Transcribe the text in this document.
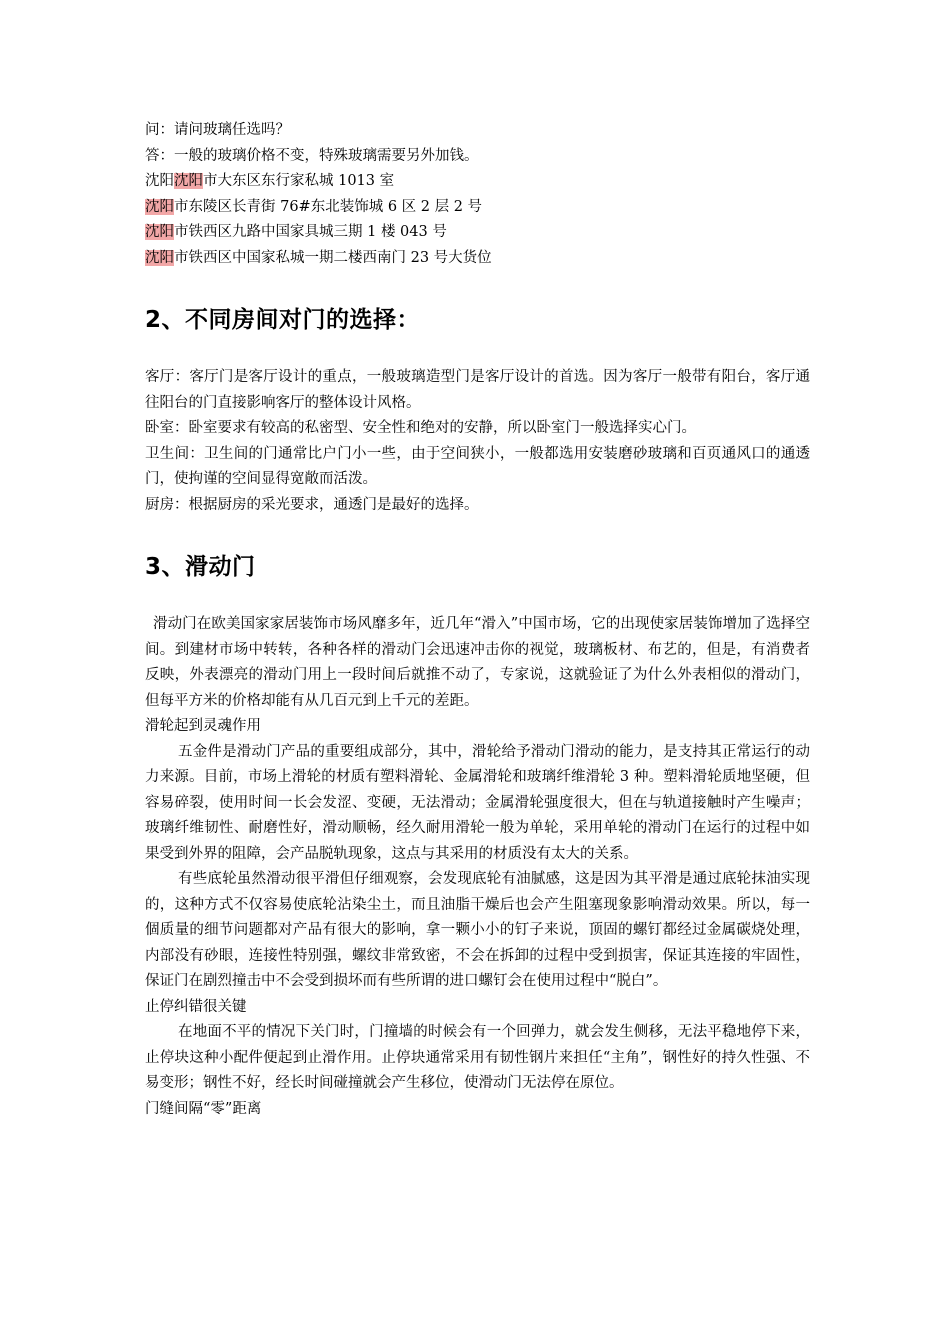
问：请问玻璃任选吗？
答：一般的玻璃价格不变，特殊玻璃需要另外加钱。
沈阳沈阳市大东区东行家私城 1013 室
沈阳市东陵区长青街 76#东北装饰城 6 区 2 层 2 号
沈阳市铁西区九路中国家具城三期 1 楼 043 号
沈阳市铁西区中国家私城一期二楼西南门 23 号大货位
2、不同房间对门的选择：

客厅：客厅门是客厅设计的重点，一般玻璃造型门是客厅设计的首选。因为客厅一般带有阳台，客厅通往阳台的门直接影响客厅的整体设计风格。

卧室：卧室要求有较高的私密型、安全性和绝对的安静，所以卧室门一般选择实心门。

卫生间：卫生间的门通常比户门小一些，由于空间狭小，一般都选用安装磨砂玻璃和百页通风口的通透门，使拘谨的空间显得宽敞而活泼。

厨房：根据厨房的采光要求，通透门是最好的选择。

3、滑动门

滑动门在欧美国家家居装饰市场风靡多年，近几年“滑入”中国市场，它的出现使家居装饰增加了选择空间。到建材市场中转转，各种各样的滑动门会迅速冲击你的视觉，玻璃板材、布艺的，但是，有消费者反映，外表漂亮的滑动门用上一段时间后就推不动了，专家说，这就验证了为什么外表相似的滑动门，但每平方米的价格却能有从几百元到上千元的差距。

滑轮起到灵魂作用

五金件是滑动门产品的重要组成部分，其中，滑轮给予滑动门滑动的能力，是支持其正常运行的动力来源。目前，市场上滑轮的材质有塑料滑轮、金属滑轮和玻璃纤维滑轮 3 种。塑料滑轮质地坚硬，但容易碎裂，使用时间一长会发涩、变硬，无法滑动；金属滑轮强度很大，但在与轨道接触时产生噪声；玻璃纤维韧性、耐磨性好，滑动顺畅，经久耐用滑轮一般为单轮，采用单轮的滑动门在运行的过程中如果受到外界的阻障，会产品脱轨现象，这点与其采用的材质没有太大的关系。

有些底轮虽然滑动很平滑但仔细观察，会发现底轮有油腻感，这是因为其平滑是通过底轮抹油实现的，这种方式不仅容易使底轮沾染尘土，而且油脂干燥后也会产生阻塞现象影响滑动效果。所以，每一個质量的细节问题都对产品有很大的影响，拿一颗小小的钉子来说，顶固的螺钉都经过金属碳烧处理，内部没有砂眼，连接性特别强，螺纹非常致密，不会在拆卸的过程中受到损害，保证其连接的牢固性，保证门在剧烈撞击中不会受到损坏而有些所谓的进口螺钉会在使用过程中“脱白”。

止停纠错很关键

在地面不平的情况下关门时，门撞墙的时候会有一个回弹力，就会发生侧移，无法平稳地停下来，止停块这种小配件便起到止滑作用。止停块通常采用有韧性钢片来担任“主角”，钢性好的持久性强、不易变形；钢性不好，经长时间碰撞就会产生移位，使滑动门无法停在原位。

门缝间隔“零”距离
